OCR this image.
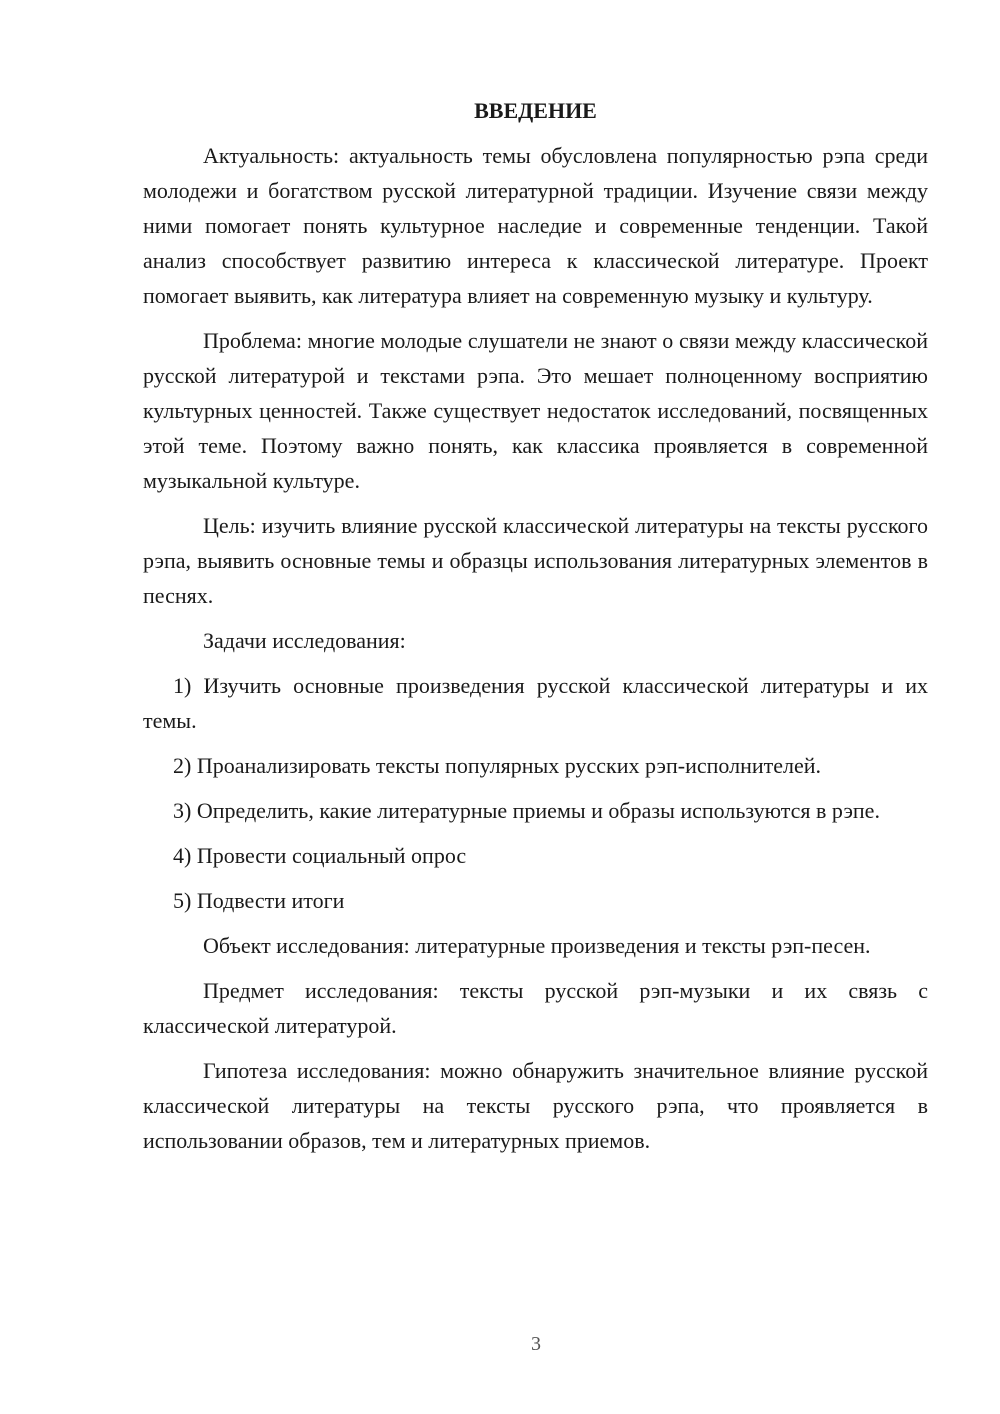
ВВЕДЕНИЕ

Актуальность: актуальность темы обусловлена популярностью рэпа среди молодежи и богатством русской литературной традиции. Изучение связи между ними помогает понять культурное наследие и современные тенденции. Такой анализ способствует развитию интереса к классической литературе. Проект помогает выявить, как литература влияет на современную музыку и культуру.

Проблема: многие молодые слушатели не знают о связи между классической русской литературой и текстами рэпа. Это мешает полноценному восприятию культурных ценностей. Также существует недостаток исследований, посвященных этой теме. Поэтому важно понять, как классика проявляется в современной музыкальной культуре.

Цель: изучить влияние русской классической литературы на тексты русского рэпа, выявить основные темы и образцы использования литературных элементов в песнях.

Задачи исследования:

1) Изучить основные произведения русской классической литературы и их темы.

2) Проанализировать тексты популярных русских рэп-исполнителей.

3) Определить, какие литературные приемы и образы используются в рэпе.

4) Провести социальный опрос

5) Подвести итоги

Объект исследования: литературные произведения и тексты рэп-песен.

Предмет исследования: тексты русской рэп-музыки и их связь с классической литературой.

Гипотеза исследования: можно обнаружить значительное влияние русской классической литературы на тексты русского рэпа, что проявляется в использовании образов, тем и литературных приемов.

3
